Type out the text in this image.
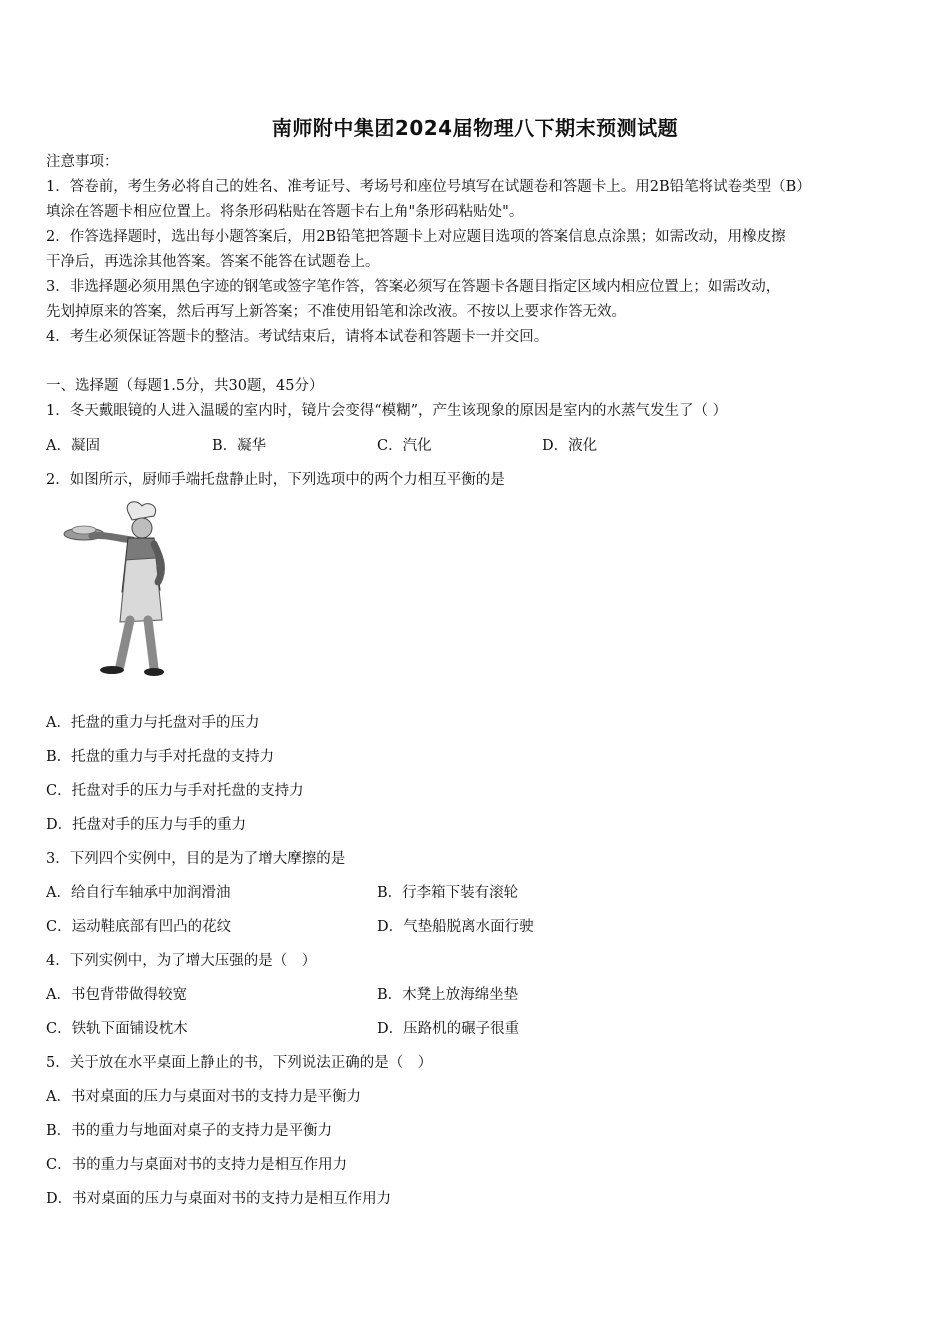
南师附中集团2024届物理八下期末预测试题
注意事项：
1．答卷前，考生务必将自己的姓名、准考证号、考场号和座位号填写在试题卷和答题卡上。用2B铅笔将试卷类型（B）
填涂在答题卡相应位置上。将条形码粘贴在答题卡右上角"条形码粘贴处"。
2．作答选择题时，选出每小题答案后，用2B铅笔把答题卡上对应题目选项的答案信息点涂黑；如需改动，用橡皮擦
干净后，再选涂其他答案。答案不能答在试题卷上。
3．非选择题必须用黑色字迹的钢笔或签字笔作答，答案必须写在答题卡各题目指定区域内相应位置上；如需改动，
先划掉原来的答案，然后再写上新答案；不准使用铅笔和涂改液。不按以上要求作答无效。
4．考生必须保证答题卡的整洁。考试结束后，请将本试卷和答题卡一并交回。
一、选择题（每题1.5分，共30题，45分）
1．冬天戴眼镜的人进入温暖的室内时，镜片会变得“模糊”，产生该现象的原因是室内的水蒸气发生了（ ）
A．凝固	B．凝华	C．汽化	D．液化
2．如图所示，厨师手端托盘静止时，下列选项中的两个力相互平衡的是
A．托盘的重力与托盘对手的压力
B．托盘的重力与手对托盘的支持力
C．托盘对手的压力与手对托盘的支持力
D．托盘对手的压力与手的重力
3．下列四个实例中，目的是为了增大摩擦的是
A．给自行车轴承中加润滑油	B．行李箱下装有滚轮
C．运动鞋底部有凹凸的花纹	D．气垫船脱离水面行驶
4．下列实例中，为了增大压强的是（　）
A．书包背带做得较宽	B．木凳上放海绵坐垫
C．铁轨下面铺设枕木	D．压路机的碾子很重
5．关于放在水平桌面上静止的书，下列说法正确的是（　）
A．书对桌面的压力与桌面对书的支持力是平衡力
B．书的重力与地面对桌子的支持力是平衡力
C．书的重力与桌面对书的支持力是相互作用力
D．书对桌面的压力与桌面对书的支持力是相互作用力
